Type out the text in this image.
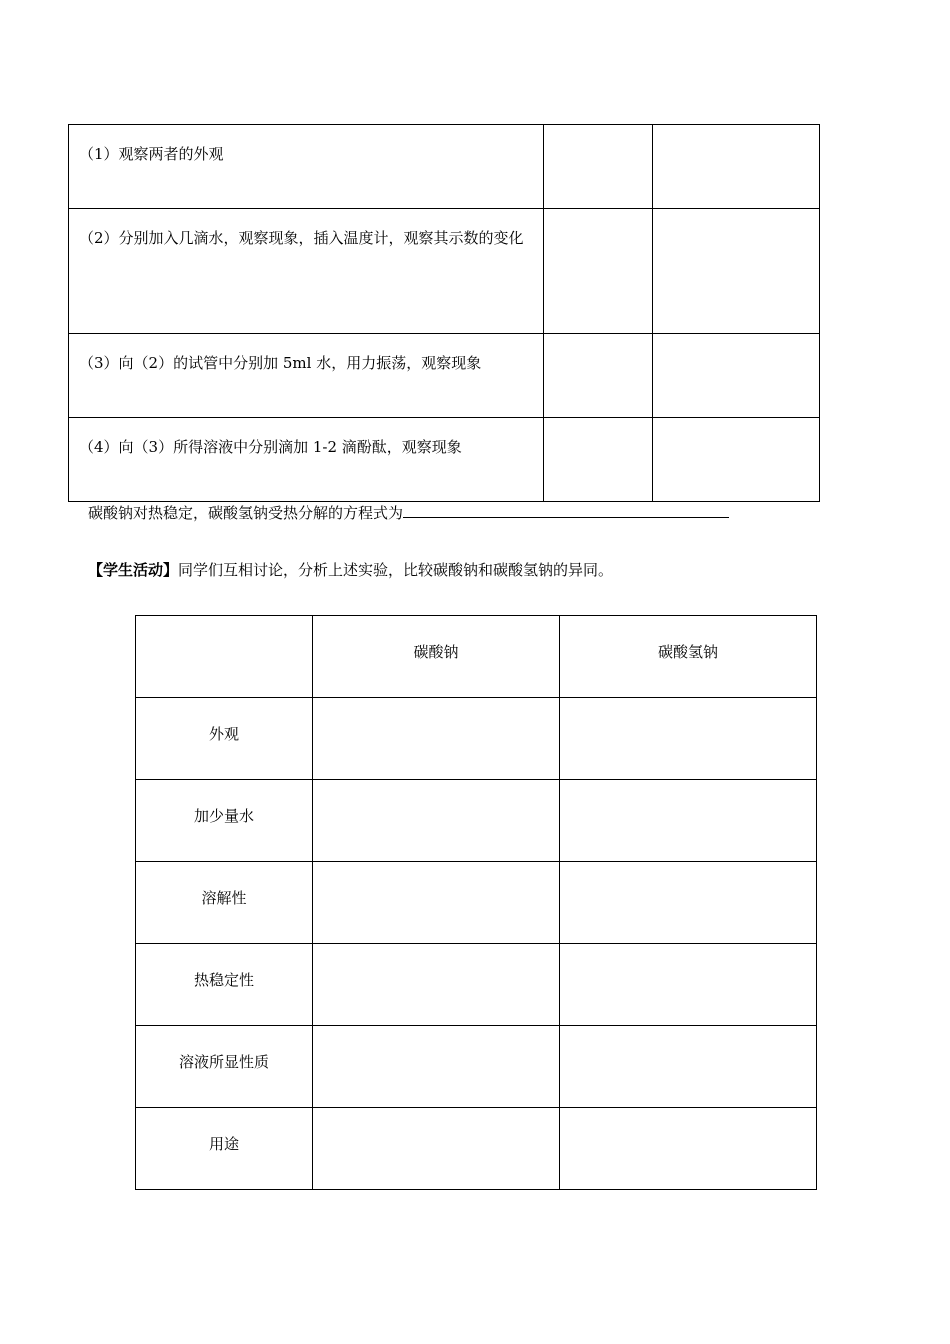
（1）观察两者的外观		

（2）分别加入几滴水，观察现象，插入温度计，观察其示数的变化		

（3）向（2）的试管中分别加 5ml 水，用力振荡，观察现象		

（4）向（3）所得溶液中分别滴加 1-2 滴酚酞，观察现象		

碳酸钠对热稳定，碳酸氢钠受热分解的方程式为
【学生活动】同学们互相讨论，分析上述实验，比较碳酸钠和碳酸氢钠的异同。
	碳酸钠	碳酸氢钠
外观		
加少量水		
溶解性		
热稳定性		
溶液所显性质		
用途		
